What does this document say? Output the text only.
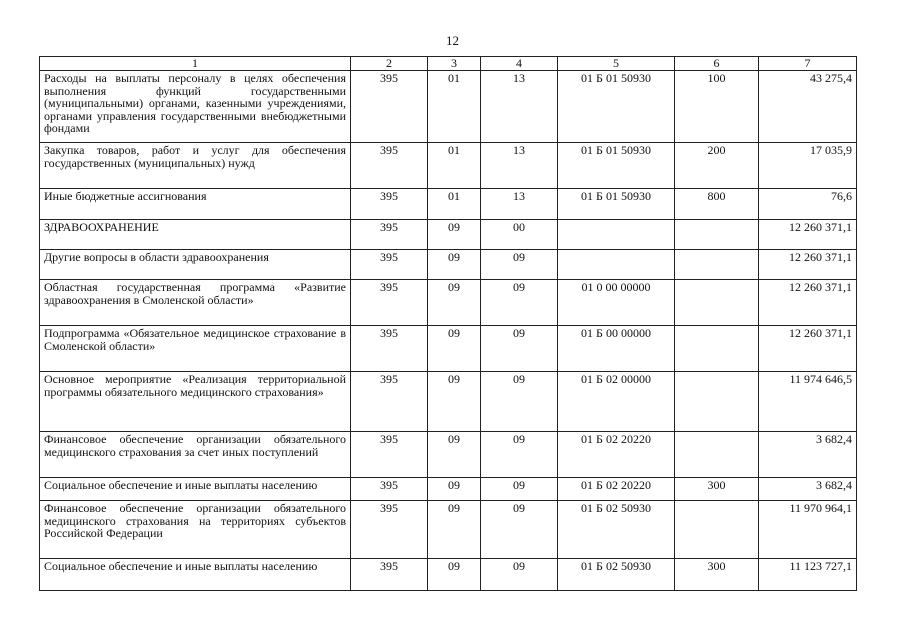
12
1	2	3	4	5	6	7
Расходы на выплаты персоналу в целях обеспечения выполнения функций государственными (муниципальными) органами, казенными учреждениями, органами управления государственными внебюджетными фондами	395	01	13	01 Б 01 50930	100	43 275,4
Закупка товаров, работ и услуг для обеспечения государственных (муниципальных) нужд	395	01	13	01 Б 01 50930	200	17 035,9
Иные бюджетные ассигнования	395	01	13	01 Б 01 50930	800	76,6
ЗДРАВООХРАНЕНИЕ	395	09	00			12 260 371,1
Другие вопросы в области здравоохранения	395	09	09			12 260 371,1
Областная государственная программа «Развитие здравоохранения в Смоленской области»	395	09	09	01 0 00 00000		12 260 371,1
Подпрограмма «Обязательное медицинское страхование в Смоленской области»	395	09	09	01 Б 00 00000		12 260 371,1
Основное мероприятие «Реализация территориальной программы обязательного медицинского страхования»	395	09	09	01 Б 02 00000		11 974 646,5
Финансовое обеспечение организации обязательного медицинского страхования за счет иных поступлений	395	09	09	01 Б 02 20220		3 682,4
Социальное обеспечение и иные выплаты населению	395	09	09	01 Б 02 20220	300	3 682,4
Финансовое обеспечение организации обязательного медицинского страхования на территориях субъектов Российской Федерации	395	09	09	01 Б 02 50930		11 970 964,1
Социальное обеспечение и иные выплаты населению	395	09	09	01 Б 02 50930	300	11 123 727,1
